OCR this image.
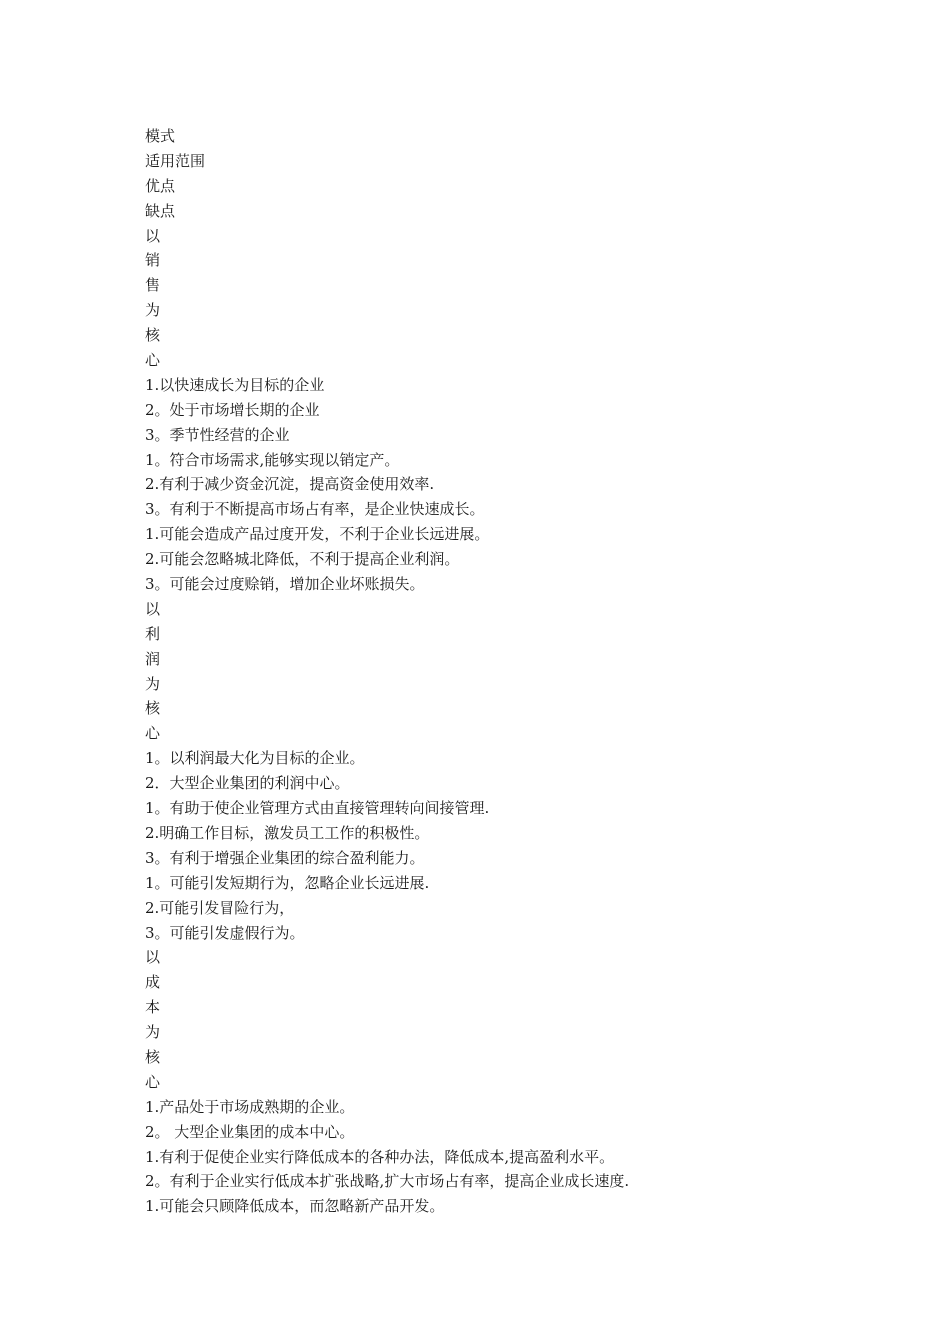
模式
适用范围
优点
缺点
以
销
售
为
核
心
1.以快速成长为目标的企业
2。处于市场增长期的企业
3。季节性经营的企业
1。符合市场需求,能够实现以销定产。
2.有利于减少资金沉淀，提高资金使用效率.
3。有利于不断提高市场占有率，是企业快速成长。
1.可能会造成产品过度开发，不利于企业长远进展。
2.可能会忽略城北降低，不利于提高企业利润。
3。可能会过度赊销，增加企业坏账损失。
以
利
润
为
核
心
1。以利润最大化为目标的企业。
2．大型企业集团的利润中心。
1。有助于使企业管理方式由直接管理转向间接管理.
2.明确工作目标，激发员工工作的积极性。
3。有利于增强企业集团的综合盈利能力。
1。可能引发短期行为，忽略企业长远进展.
2.可能引发冒险行为，
3。可能引发虚假行为。
以
成
本
为
核
心
1.产品处于市场成熟期的企业。
2。 大型企业集团的成本中心。
1.有利于促使企业实行降低成本的各种办法，降低成本,提高盈利水平。
2。有利于企业实行低成本扩张战略,扩大市场占有率，提高企业成长速度.
1.可能会只顾降低成本，而忽略新产品开发。
